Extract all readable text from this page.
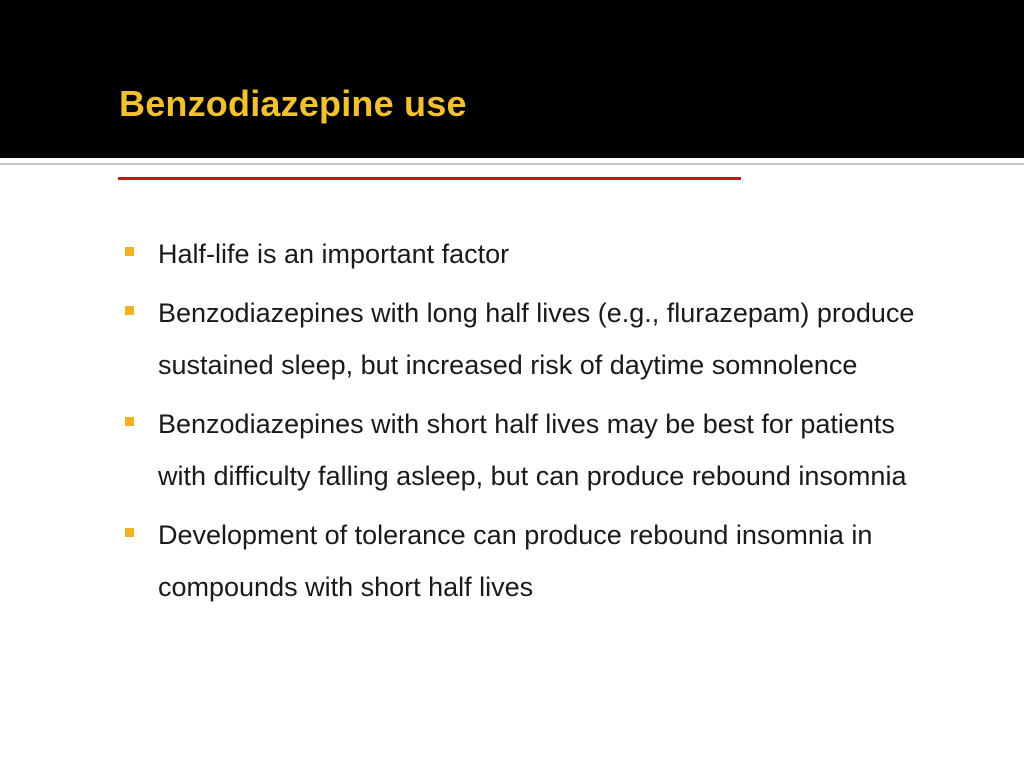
Benzodiazepine use
Half-life is an important factor
Benzodiazepines with long half lives (e.g., flurazepam) produce sustained sleep, but increased risk of daytime somnolence
Benzodiazepines with short half lives may be best for patients with difficulty falling asleep, but can produce rebound insomnia
Development of tolerance can produce rebound insomnia in compounds with short half lives
